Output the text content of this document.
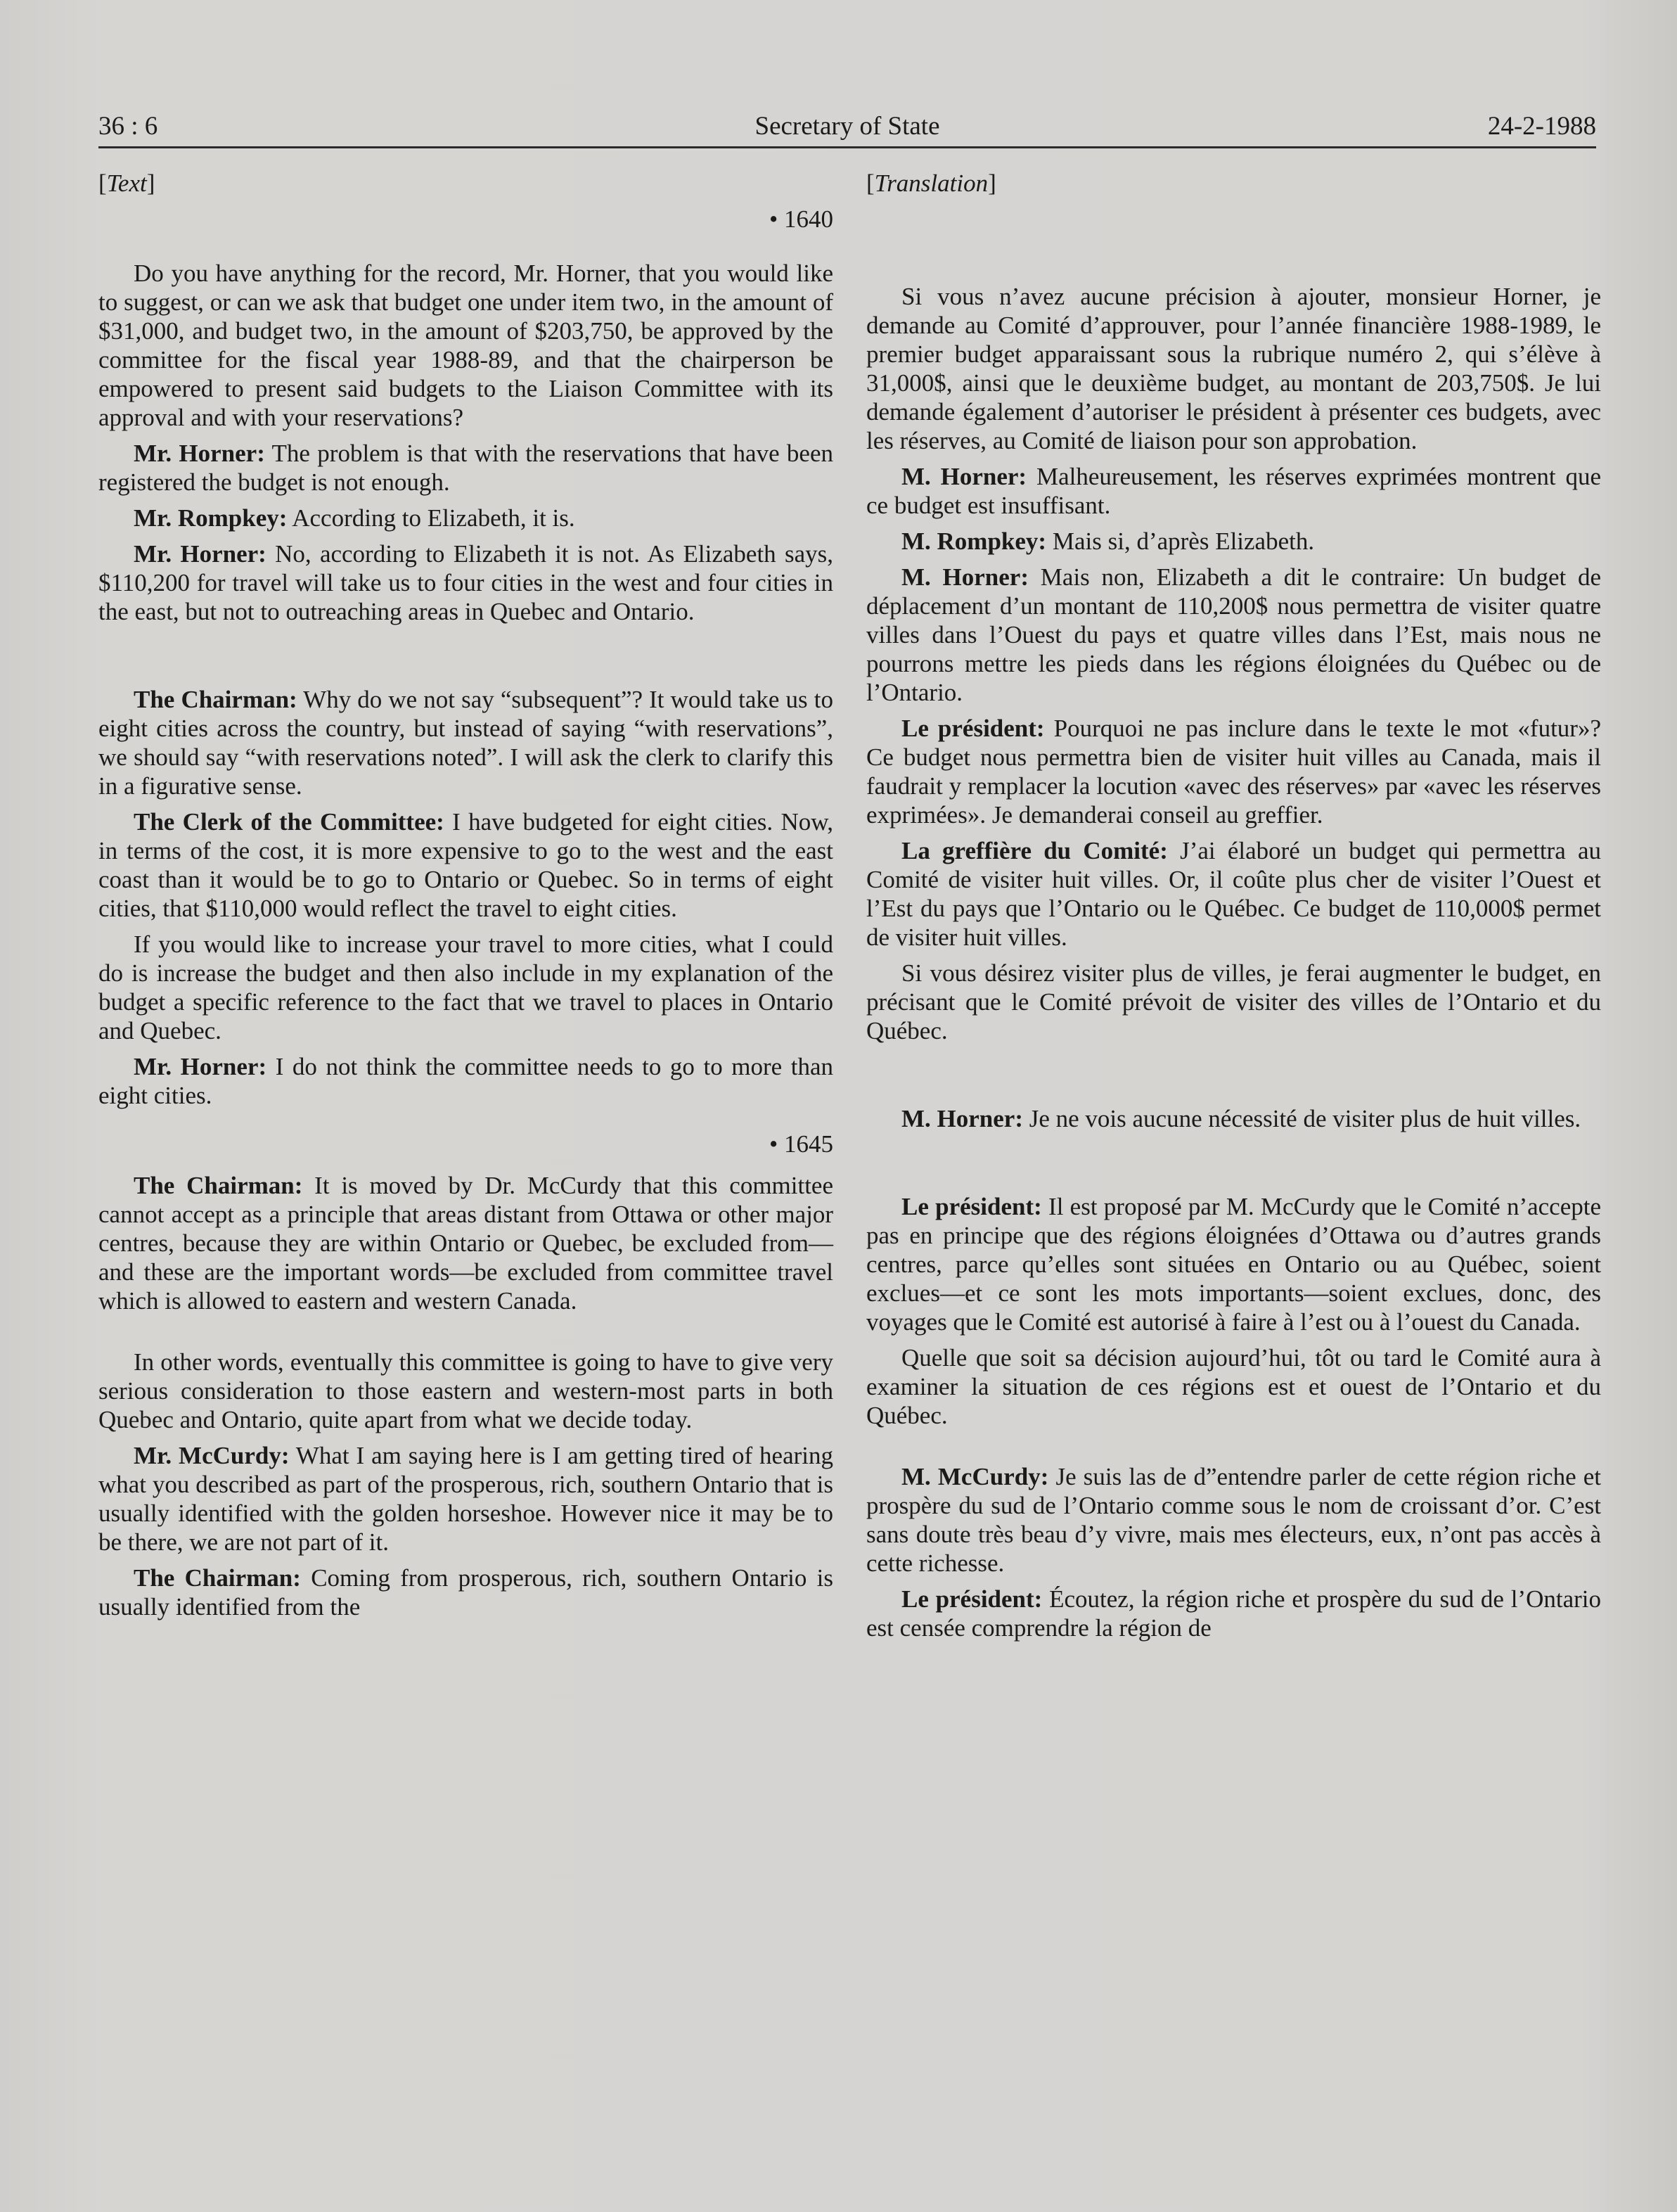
36 : 6	Secretary of State	24-2-1988

[ Text ]

• 1640

Do you have anything for the record, Mr. Horner, that you would like to suggest, or can we ask that budget one under item two, in the amount of $31,000, and budget two, in the amount of $203,750, be approved by the committee for the fiscal year 1988-89, and that the chairperson be empowered to present said budgets to the Liaison Committee with its approval and with your reservations?

Mr. Horner: The problem is that with the reservations that have been registered the budget is not enough.

Mr. Rompkey: According to Elizabeth, it is.

Mr. Horner: No, according to Elizabeth it is not. As Elizabeth says, $110,200 for travel will take us to four cities in the west and four cities in the east, but not to outreaching areas in Quebec and Ontario.

The Chairman: Why do we not say “subsequent”? It would take us to eight cities across the country, but instead of saying “with reservations”, we should say “with reservations noted”. I will ask the clerk to clarify this in a figurative sense.

The Clerk of the Committee: I have budgeted for eight cities. Now, in terms of the cost, it is more expensive to go to the west and the east coast than it would be to go to Ontario or Quebec. So in terms of eight cities, that $110,000 would reflect the travel to eight cities.

If you would like to increase your travel to more cities, what I could do is increase the budget and then also include in my explanation of the budget a specific reference to the fact that we travel to places in Ontario and Quebec.

Mr. Horner: I do not think the committee needs to go to more than eight cities.

• 1645

The Chairman: It is moved by Dr. McCurdy that this committee cannot accept as a principle that areas distant from Ottawa or other major centres, because they are within Ontario or Quebec, be excluded from—and these are the important words—be excluded from committee travel which is allowed to eastern and western Canada.

In other words, eventually this committee is going to have to give very serious consideration to those eastern and western-most parts in both Quebec and Ontario, quite apart from what we decide today.

Mr. McCurdy: What I am saying here is I am getting tired of hearing what you described as part of the prosperous, rich, southern Ontario that is usually identified with the golden horseshoe. However nice it may be to be there, we are not part of it.

The Chairman: Coming from prosperous, rich, southern Ontario is usually identified from the

[ Translation ]

Si vous n’avez aucune précision à ajouter, monsieur Horner, je demande au Comité d’approuver, pour l’année financière 1988-1989, le premier budget apparaissant sous la rubrique numéro 2, qui s’élève à 31,000$, ainsi que le deuxième budget, au montant de 203,750$. Je lui demande également d’autoriser le président à présenter ces budgets, avec les réserves, au Comité de liaison pour son approbation.

M. Horner: Malheureusement, les réserves exprimées montrent que ce budget est insuffisant.

M. Rompkey: Mais si, d’après Elizabeth.

M. Horner: Mais non, Elizabeth a dit le contraire: Un budget de déplacement d’un montant de 110,200$ nous permettra de visiter quatre villes dans l’Ouest du pays et quatre villes dans l’Est, mais nous ne pourrons mettre les pieds dans les régions éloignées du Québec ou de l’Ontario.

Le président: Pourquoi ne pas inclure dans le texte le mot «futur»? Ce budget nous permettra bien de visiter huit villes au Canada, mais il faudrait y remplacer la locution «avec des réserves» par «avec les réserves exprimées». Je demanderai conseil au greffier.

La greffière du Comité: J’ai élaboré un budget qui permettra au Comité de visiter huit villes. Or, il coûte plus cher de visiter l’Ouest et l’Est du pays que l’Ontario ou le Québec. Ce budget de 110,000$ permet de visiter huit villes.

Si vous désirez visiter plus de villes, je ferai augmenter le budget, en précisant que le Comité prévoit de visiter des villes de l’Ontario et du Québec.

M. Horner: Je ne vois aucune nécessité de visiter plus de huit villes.

Le président: Il est proposé par M. McCurdy que le Comité n’accepte pas en principe que des régions éloignées d’Ottawa ou d’autres grands centres, parce qu’elles sont situées en Ontario ou au Québec, soient exclues—et ce sont les mots importants—soient exclues, donc, des voyages que le Comité est autorisé à faire à l’est ou à l’ouest du Canada.

Quelle que soit sa décision aujourd’hui, tôt ou tard le Comité aura à examiner la situation de ces régions est et ouest de l’Ontario et du Québec.

M. McCurdy: Je suis las de d”entendre parler de cette région riche et prospère du sud de l’Ontario comme sous le nom de croissant d’or. C’est sans doute très beau d’y vivre, mais mes électeurs, eux, n’ont pas accès à cette richesse.

Le président: Écoutez, la région riche et prospère du sud de l’Ontario est censée comprendre la région de
